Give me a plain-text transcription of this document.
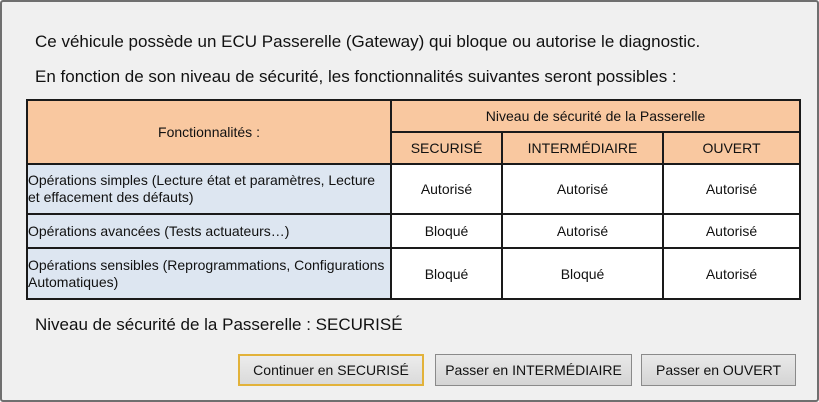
Ce véhicule possède un ECU Passerelle (Gateway) qui bloque ou autorise le diagnostic.
En fonction de son niveau de sécurité, les fonctionnalités suivantes seront possibles :
Fonctionnalités :	Niveau de sécurité de la Passerelle		
	SECURISÉ	INTERMÉDIAIRE	OUVERT
Opérations simples (Lecture état et paramètres, Lecture et effacement des défauts)	Autorisé	Autorisé	Autorisé
Opérations avancées (Tests actuateurs…)	Bloqué	Autorisé	Autorisé
Opérations sensibles (Reprogrammations, Configurations Automatiques)	Bloqué	Bloqué	Autorisé
Niveau de sécurité de la Passerelle : SECURISÉ
Continuer en SECURISÉ	Passer en INTERMÉDIAIRE	Passer en OUVERT
